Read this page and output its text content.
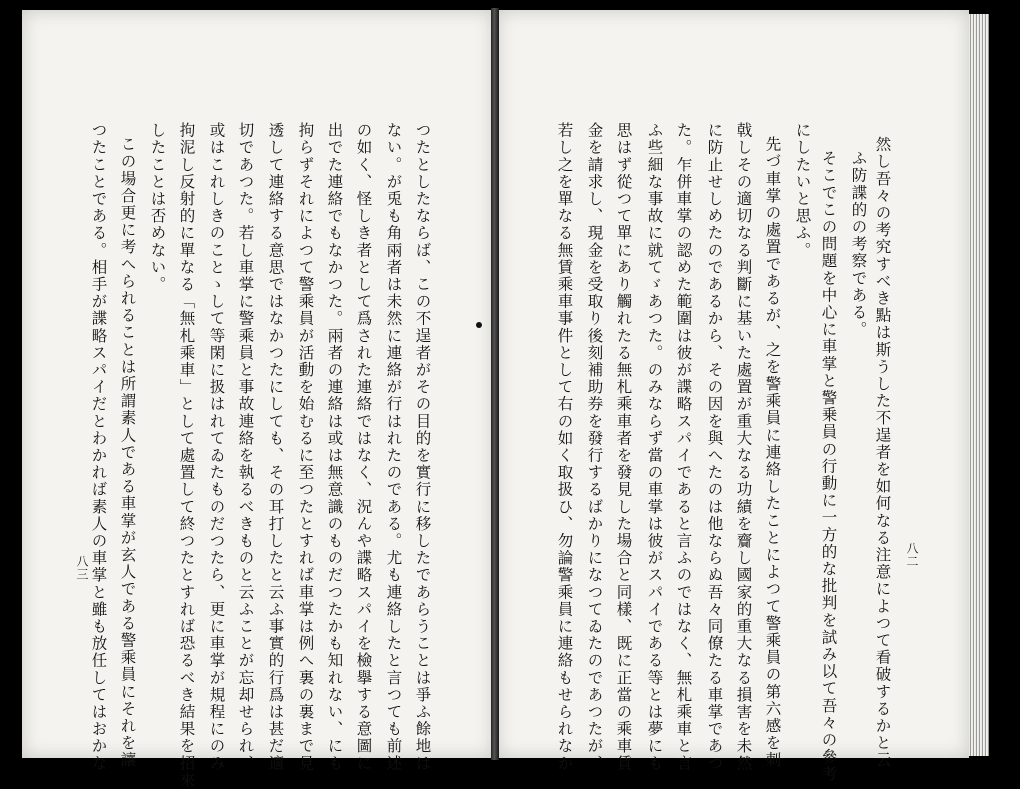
八三	八二
然し吾々の考究すべき點は斯うした不逞者を如何なる注意によつて看破するかと云
ふ防諜的の考察である。
そこでこの問題を中心に車掌と警乗員の行動に一方的な批判を試み以て吾々の參考
にしたいと思ふ。
先づ車掌の處置であるが、之を警乘員に連絡したことによつて警乘員の第六感を刺
戟しその適切なる判斷に基いた處置が重大なる功績を齎し國家的重大なる損害を未然
に防止せしめたのであるから、その因を與へたのは他ならぬ吾々同僚たる車掌であつ
た。乍併車掌の認めた範圍は彼が諜略スパイであると言ふのではなく、無札乘車と言
ふ些細な事故に就てゞあつた。のみならず當の車掌は彼がスパイである等とは夢にも
思はず從つて單にあり觸れたる無札乘車者を發見した場合と同樣、既に正當の乘車賃
金を請求し、現金を受取り後刻補助券を發行するばかりになつてゐたのであつたが、
若し之を單なる無賃乘車事件として右の如く取扱ひ、勿論警乘員に連絡もせられなか
つたとしたならば、この不逞者がその目的を實行に移したであらうことは爭ふ餘地は
ない。が兎も角兩者は未然に連絡が行はれたのである。尤も連絡したと言つても前述
の如く、怪しき者として爲された連絡ではなく、況んや諜略スパイを檢擧する意圖に
出でた連絡でもなかつた。兩者の連絡は或は無意識のものだつたかも知れない、にも
拘らずそれによつて警乘員が活動を始むるに至つたとすれば車掌は例へ裏の裏まで見
透して連絡する意思ではなかつたにしても、その耳打したと云ふ事實的行爲は甚だ適
切であつた。若し車掌に警乘員と事故連絡を執るべきものと云ふことが忘却せられ、
或はこれしきのことゝして等閑に扱はれてゐたものだつたら、更に車掌が規程にのみ
拘泥し反射的に單なる「無札乘車」として處置して終つたとすれば恐るべき結果を招來
したことは否めない。
この場合更に考へられることは所謂素人である車掌が玄人である警乘員にそれを讓
つたことである。相手が諜略スパイだとわかれば素人の車掌と雖も放任してはおかな
